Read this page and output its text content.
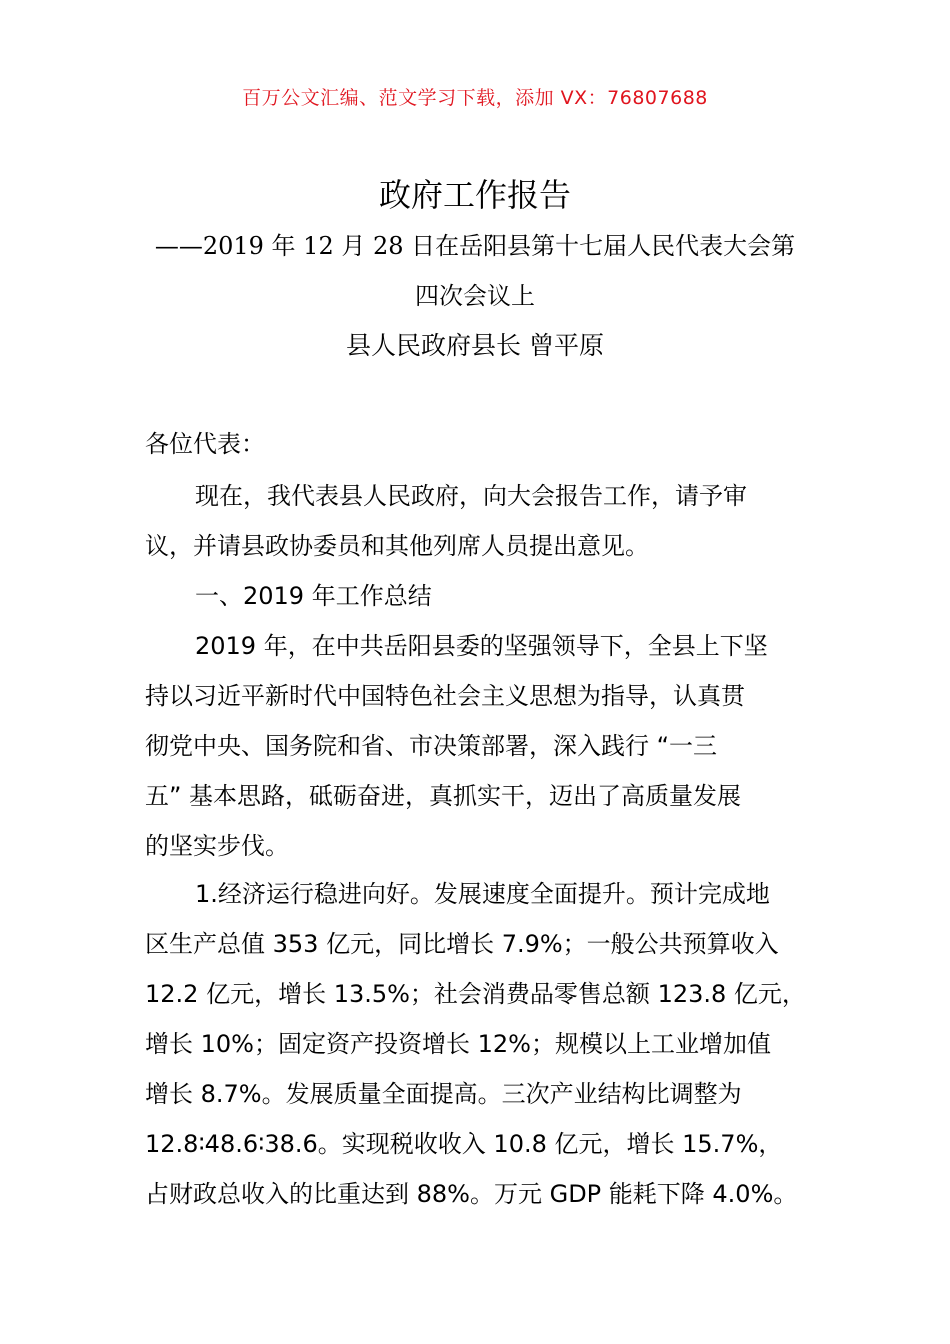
百万公文汇编、范文学习下载，添加 VX：76807688
政府工作报告
——2019 年 12 月 28 日在岳阳县第十七届人民代表大会第
四次会议上
县人民政府县长 曾平原
各位代表：
现在，我代表县人民政府，向大会报告工作，请予审
议，并请县政协委员和其他列席人员提出意见。
一、2019 年工作总结
2019 年，在中共岳阳县委的坚强领导下，全县上下坚
持以习近平新时代中国特色社会主义思想为指导，认真贯
彻党中央、国务院和省、市决策部署，深入践行 “一三
五” 基本思路，砥砺奋进，真抓实干，迈出了高质量发展
的坚实步伐。
1.经济运行稳进向好。发展速度全面提升。预计完成地
区生产总值 353 亿元，同比增长 7.9%；一般公共预算收入
12.2 亿元，增长 13.5%；社会消费品零售总额 123.8 亿元，
增长 10%；固定资产投资增长 12%；规模以上工业增加值
增长 8.7%。发展质量全面提高。三次产业结构比调整为
12.8∶48.6∶38.6。实现税收收入 10.8 亿元，增长 15.7%，
占财政总收入的比重达到 88%。万元 GDP 能耗下降 4.0%。
